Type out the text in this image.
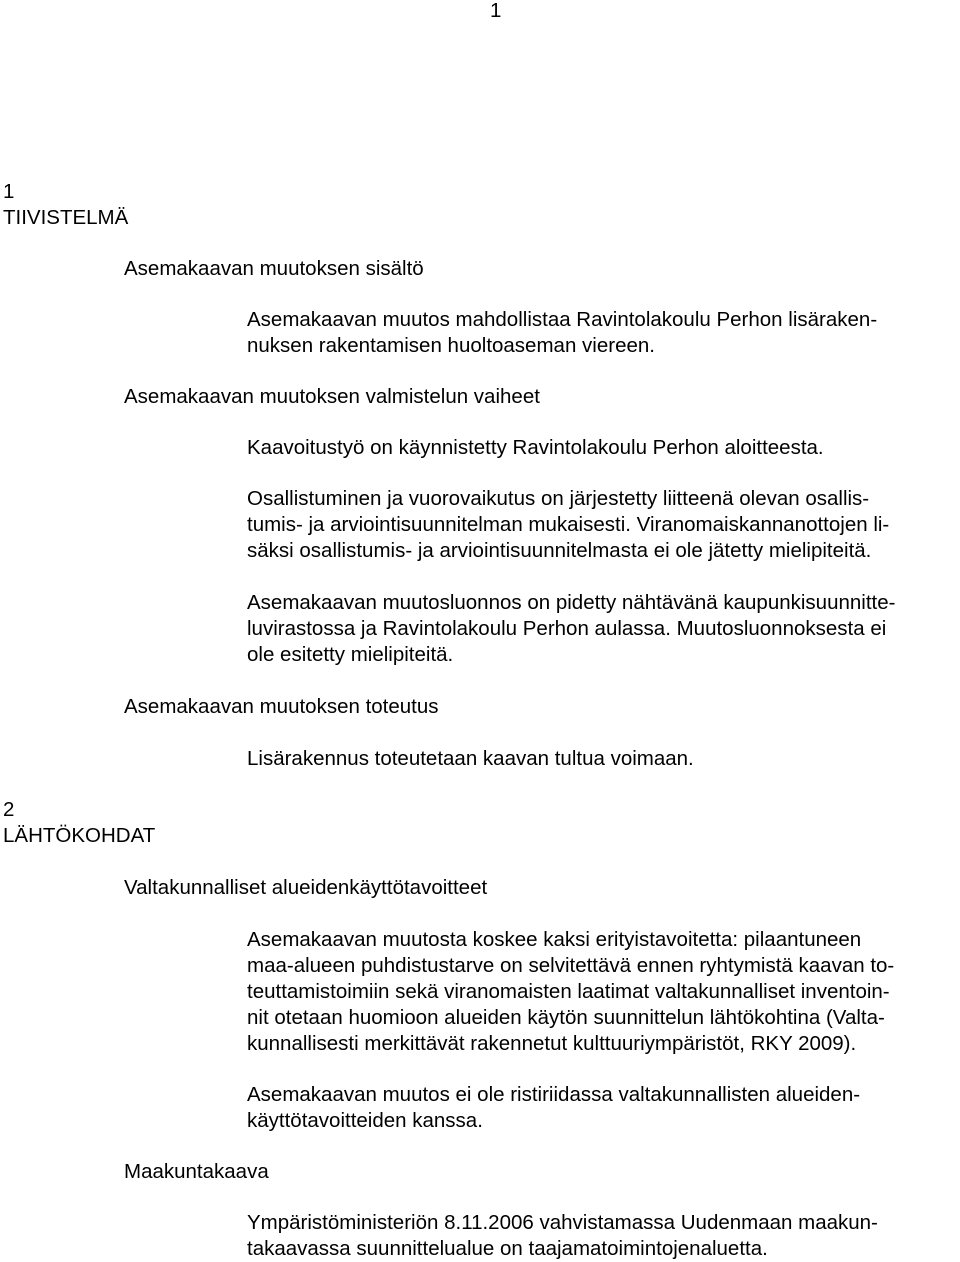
1
1
TIIVISTELMÄ
Asemakaavan muutoksen sisältö
Asemakaavan muutos mahdollistaa Ravintolakoulu Perhon lisäraken-
nuksen rakentamisen huoltoaseman viereen.
Asemakaavan muutoksen valmistelun vaiheet
Kaavoitustyö on käynnistetty Ravintolakoulu Perhon aloitteesta.
Osallistuminen ja vuorovaikutus on järjestetty liitteenä olevan osallis-
tumis- ja arviointisuunnitelman mukaisesti. Viranomaiskannanottojen li-
säksi osallistumis- ja arviointisuunnitelmasta ei ole jätetty mielipiteitä.
Asemakaavan muutosluonnos on pidetty nähtävänä kaupunkisuunnitte-
luvirastossa ja Ravintolakoulu Perhon aulassa. Muutosluonnoksesta ei
ole esitetty mielipiteitä.
Asemakaavan muutoksen toteutus
Lisärakennus toteutetaan kaavan tultua voimaan.
2
LÄHTÖKOHDAT
Valtakunnalliset alueidenkäyttötavoitteet
Asemakaavan muutosta koskee kaksi erityistavoitetta: pilaantuneen
maa-alueen puhdistustarve on selvitettävä ennen ryhtymistä kaavan to-
teuttamistoimiin sekä viranomaisten laatimat valtakunnalliset inventoin-
nit otetaan huomioon alueiden käytön suunnittelun lähtökohtina (Valta-
kunnallisesti merkittävät rakennetut kulttuuriympäristöt, RKY 2009).
Asemakaavan muutos ei ole ristiriidassa valtakunnallisten alueiden-
käyttötavoitteiden kanssa.
Maakuntakaava
Ympäristöministeriön 8.11.2006 vahvistamassa Uudenmaan maakun-
takaavassa suunnittelualue on taajamatoimintojenaluetta.
